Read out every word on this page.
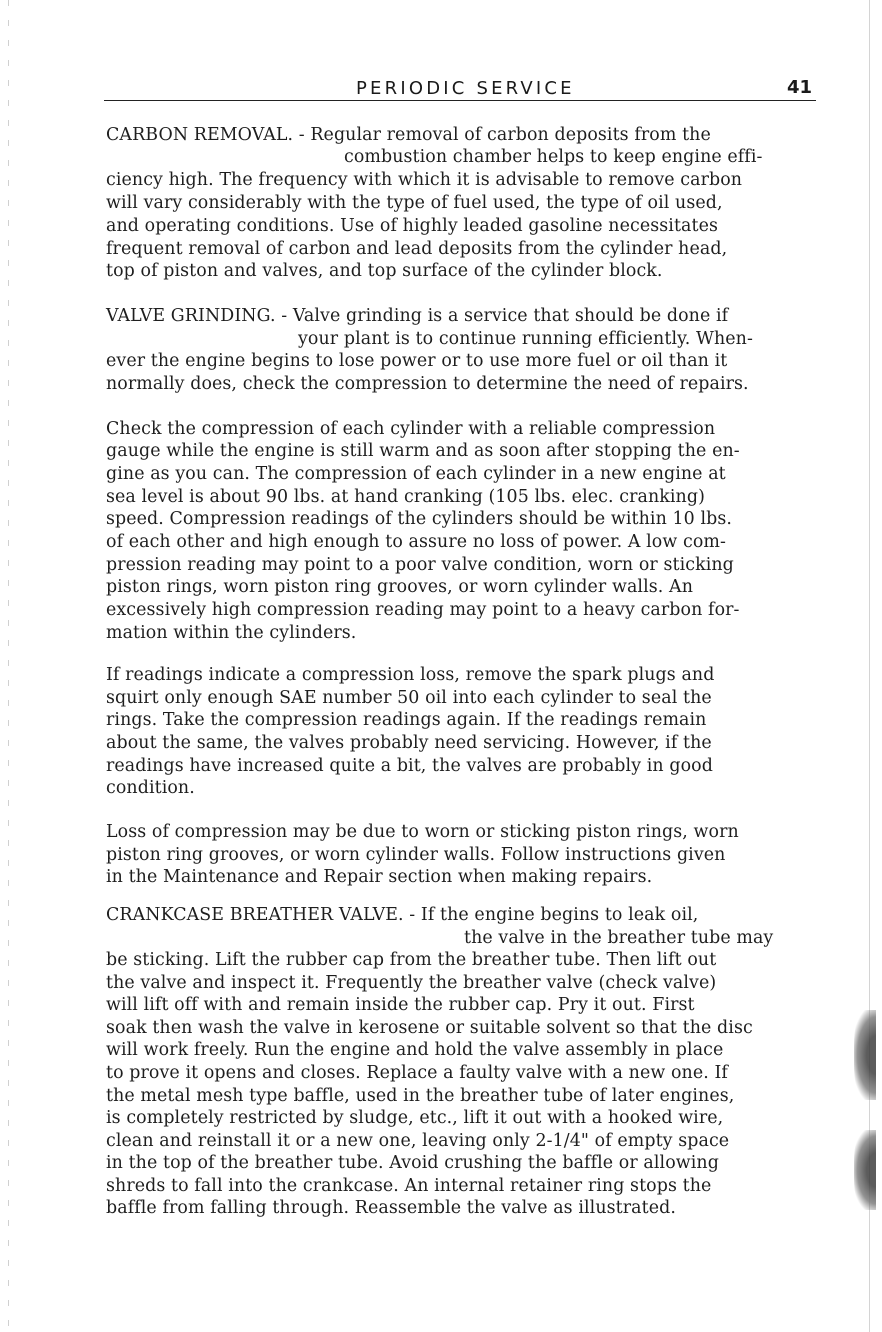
PERIODIC SERVICE	41
CARBON REMOVAL. - Regular removal of carbon deposits from the
combustion chamber helps to keep engine effi-
ciency high. The frequency with which it is advisable to remove carbon
will vary considerably with the type of fuel used, the type of oil used,
and operating conditions. Use of highly leaded gasoline necessitates
frequent removal of carbon and lead deposits from the cylinder head,
top of piston and valves, and top surface of the cylinder block.
VALVE GRINDING. - Valve grinding is a service that should be done if
your plant is to continue running efficiently. When-
ever the engine begins to lose power or to use more fuel or oil than it
normally does, check the compression to determine the need of repairs.
Check the compression of each cylinder with a reliable compression
gauge while the engine is still warm and as soon after stopping the en-
gine as you can. The compression of each cylinder in a new engine at
sea level is about 90 lbs. at hand cranking (105 lbs. elec. cranking)
speed. Compression readings of the cylinders should be within 10 lbs.
of each other and high enough to assure no loss of power. A low com-
pression reading may point to a poor valve condition, worn or sticking
piston rings, worn piston ring grooves, or worn cylinder walls. An
excessively high compression reading may point to a heavy carbon for-
mation within the cylinders.
If readings indicate a compression loss, remove the spark plugs and
squirt only enough SAE number 50 oil into each cylinder to seal the
rings. Take the compression readings again. If the readings remain
about the same, the valves probably need servicing. However, if the
readings have increased quite a bit, the valves are probably in good
condition.
Loss of compression may be due to worn or sticking piston rings, worn
piston ring grooves, or worn cylinder walls. Follow instructions given
in the Maintenance and Repair section when making repairs.
CRANKCASE BREATHER VALVE. - If the engine begins to leak oil,
the valve in the breather tube may
be sticking. Lift the rubber cap from the breather tube. Then lift out
the valve and inspect it. Frequently the breather valve (check valve)
will lift off with and remain inside the rubber cap. Pry it out. First
soak then wash the valve in kerosene or suitable solvent so that the disc
will work freely. Run the engine and hold the valve assembly in place
to prove it opens and closes. Replace a faulty valve with a new one. If
the metal mesh type baffle, used in the breather tube of later engines,
is completely restricted by sludge, etc., lift it out with a hooked wire,
clean and reinstall it or a new one, leaving only 2-1/4" of empty space
in the top of the breather tube. Avoid crushing the baffle or allowing
shreds to fall into the crankcase. An internal retainer ring stops the
baffle from falling through. Reassemble the valve as illustrated.
